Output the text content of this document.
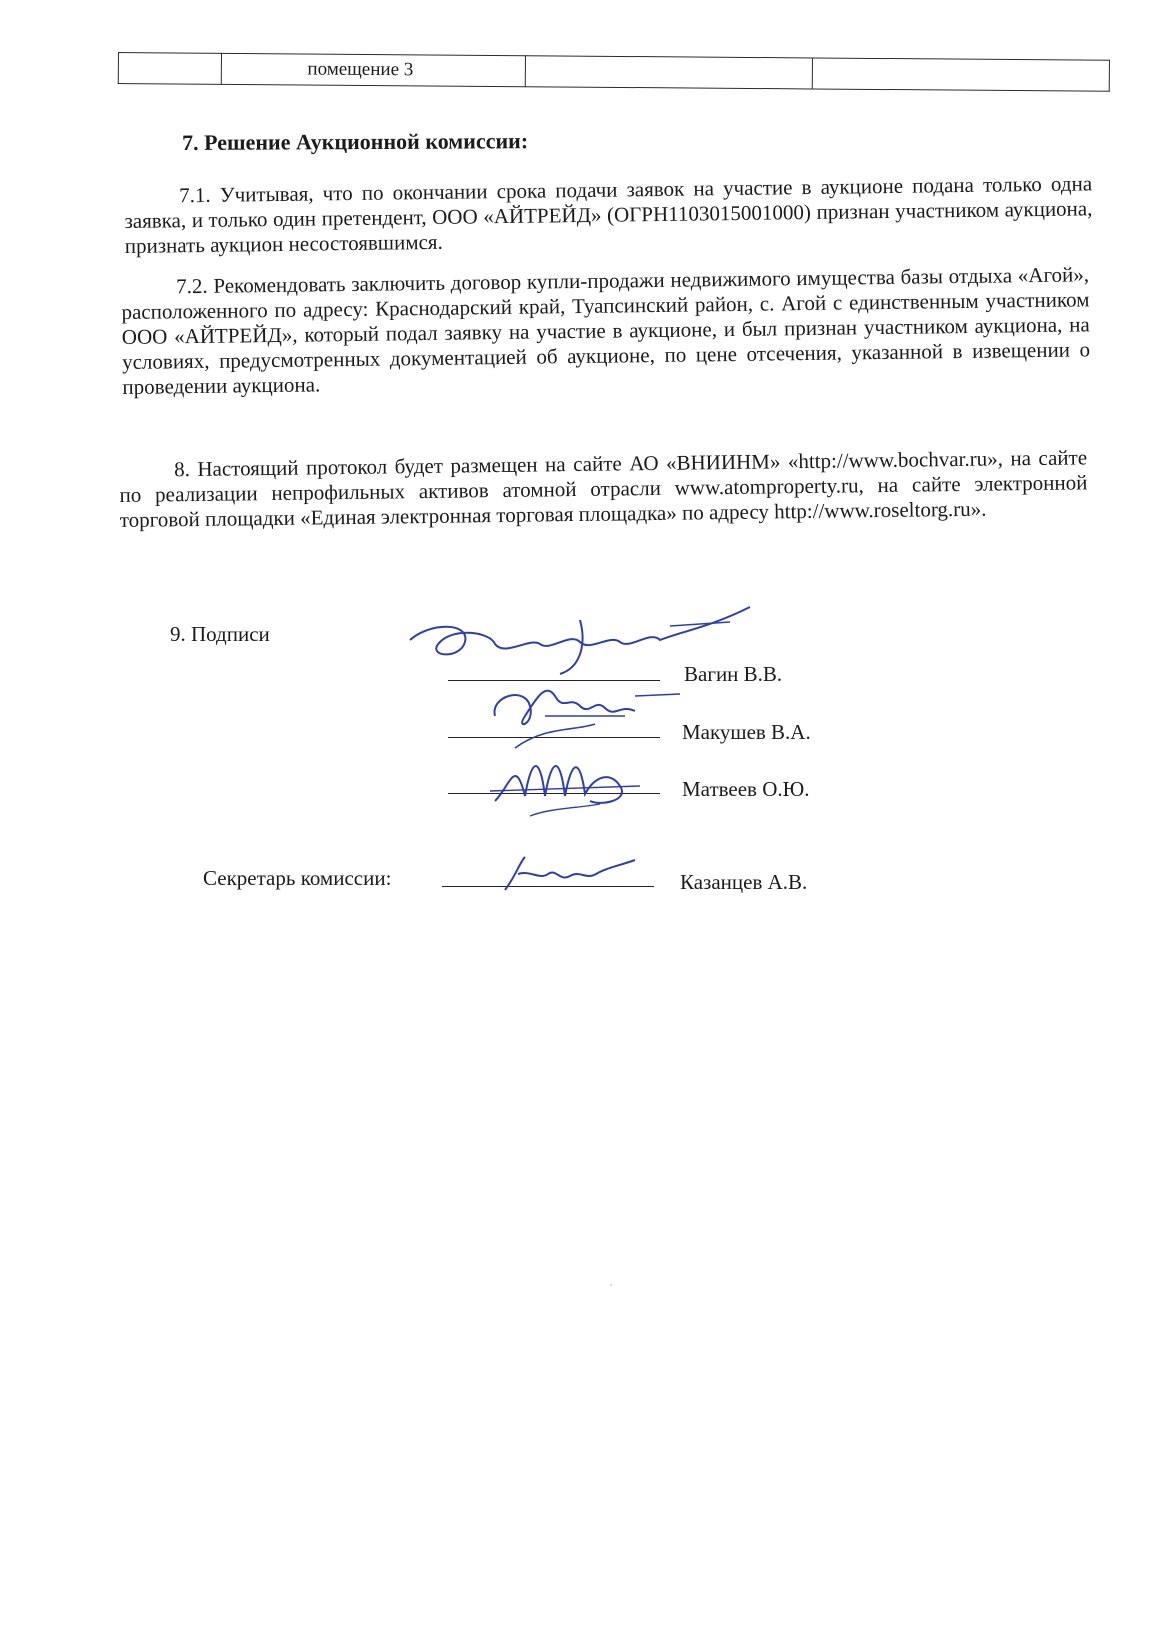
	помещение 3		
7. Решение Аукционной комиссии:

7.1. Учитывая, что по окончании срока подачи заявок на участие в аукционе подана только одна заявка, и только один претендент, ООО «АЙТРЕЙД» (ОГРН1103015001000) признан участником аукциона, признать аукцион несостоявшимся.

7.2. Рекомендовать заключить договор купли-продажи недвижимого имущества базы отдыха «Агой», расположенного по адресу: Краснодарский край, Туапсинский район, с. Агой с единственным участником ООО «АЙТРЕЙД», который подал заявку на участие в аукционе, и был признан участником аукциона, на условиях, предусмотренных документацией об аукционе, по цене отсечения, указанной в извещении о проведении аукциона.

8. Настоящий протокол будет размещен на сайте АО «ВНИИНМ» «http://www.bochvar.ru», на сайте по реализации непрофильных активов атомной отрасли www.atomproperty.ru, на сайте электронной торговой площадки «Единая электронная торговая площадка» по адресу http://www.roseltorg.ru».

9. Подписи
Вагин В.В.
Макушев В.А.
Матвеев О.Ю.
Секретарь комиссии:	Казанцев А.В.
